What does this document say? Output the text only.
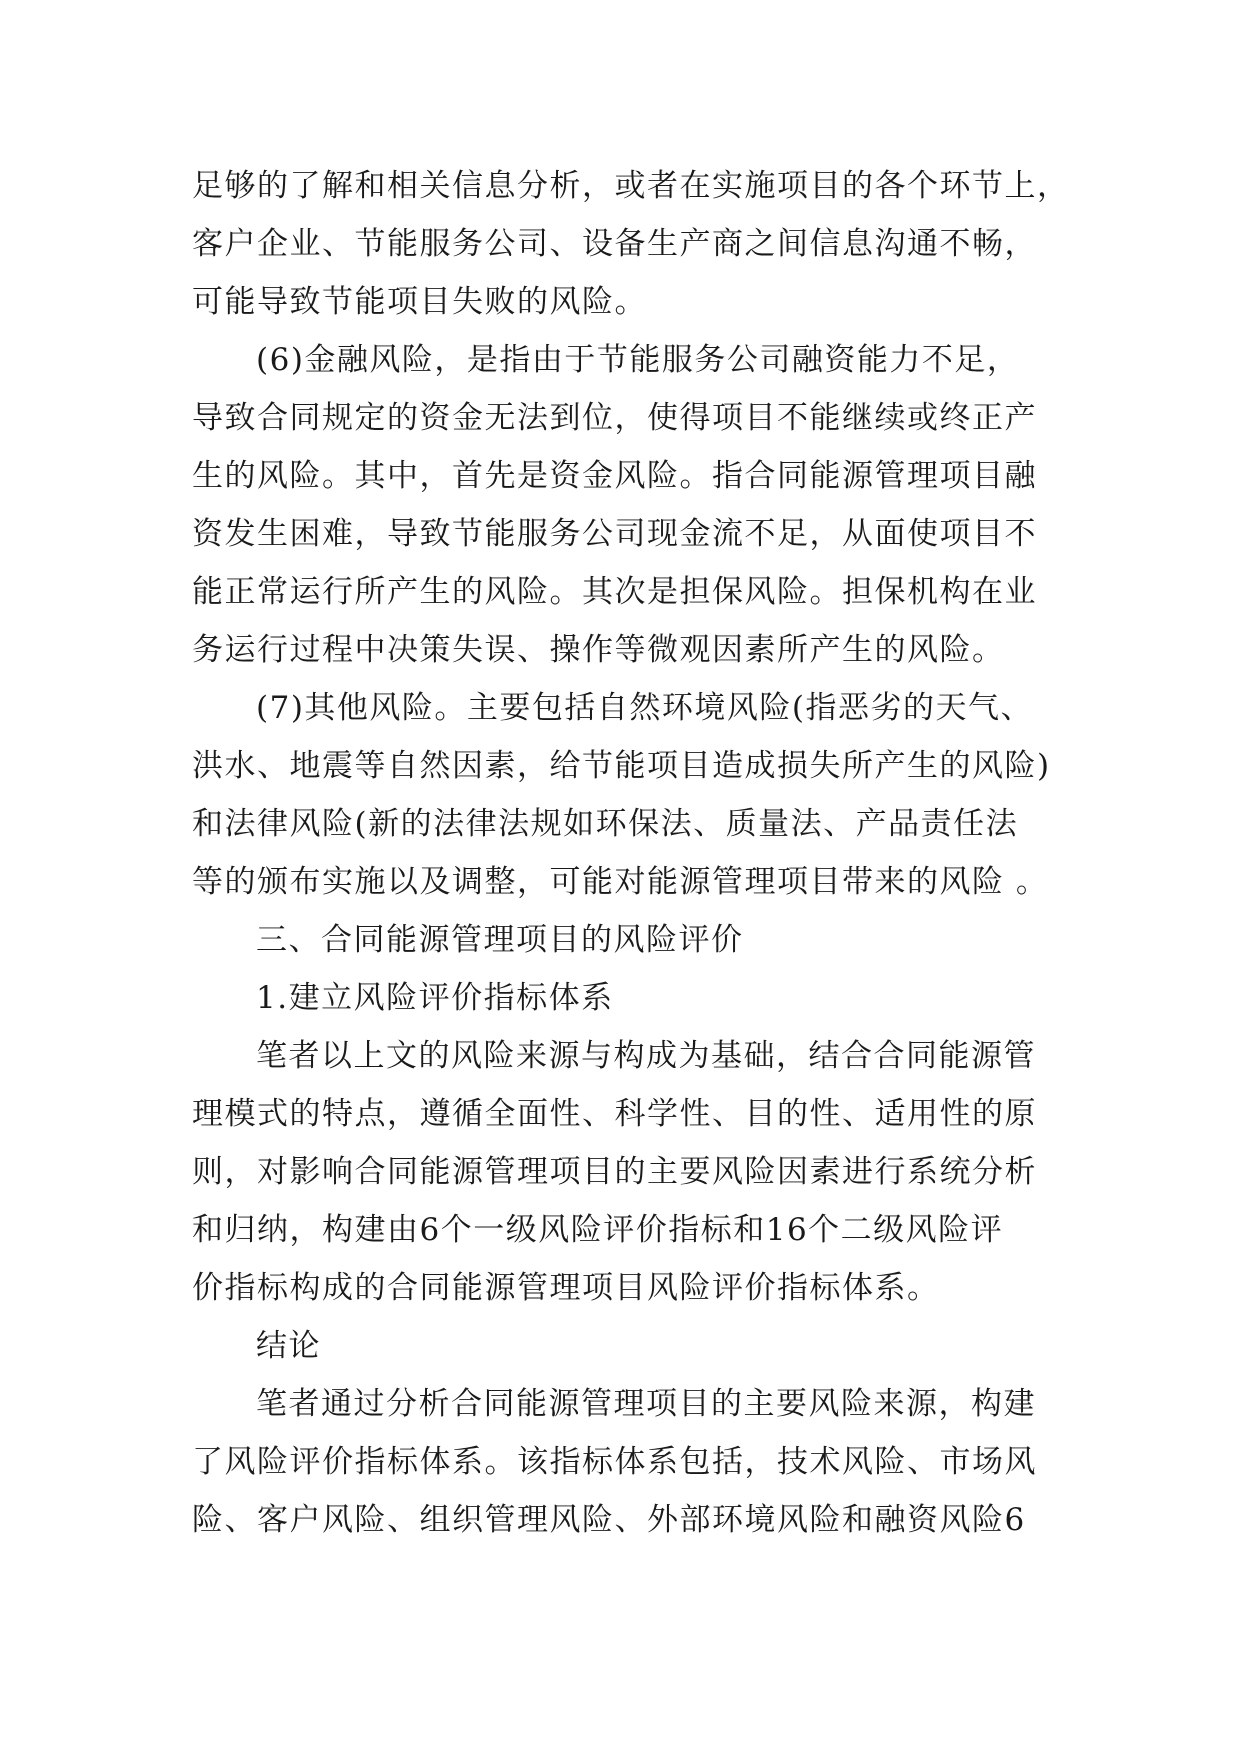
足够的了解和相关信息分析，或者在实施项目的各个环节上，
客户企业、节能服务公司、设备生产商之间信息沟通不畅，
可能导致节能项目失败的风险。
(6)金融风险，是指由于节能服务公司融资能力不足，
导致合同规定的资金无法到位，使得项目不能继续或终正产
生的风险。其中，首先是资金风险。指合同能源管理项目融
资发生困难，导致节能服务公司现金流不足，从面使项目不
能正常运行所产生的风险。其次是担保风险。担保机构在业
务运行过程中决策失误、操作等微观因素所产生的风险。
(7)其他风险。主要包括自然环境风险(指恶劣的天气、
洪水、地震等自然因素，给节能项目造成损失所产生的风险)
和法律风险(新的法律法规如环保法、质量法、产品责任法
等的颁布实施以及调整，可能对能源管理项目带来的风险 。
三、合同能源管理项目的风险评价
1.建立风险评价指标体系
笔者以上文的风险来源与构成为基础，结合合同能源管
理模式的特点，遵循全面性、科学性、目的性、适用性的原
则，对影响合同能源管理项目的主要风险因素进行系统分析
和归纳，构建由6个一级风险评价指标和16个二级风险评
价指标构成的合同能源管理项目风险评价指标体系。
结论
笔者通过分析合同能源管理项目的主要风险来源，构建
了风险评价指标体系。该指标体系包括，技术风险、市场风
险、客户风险、组织管理风险、外部环境风险和融资风险6
